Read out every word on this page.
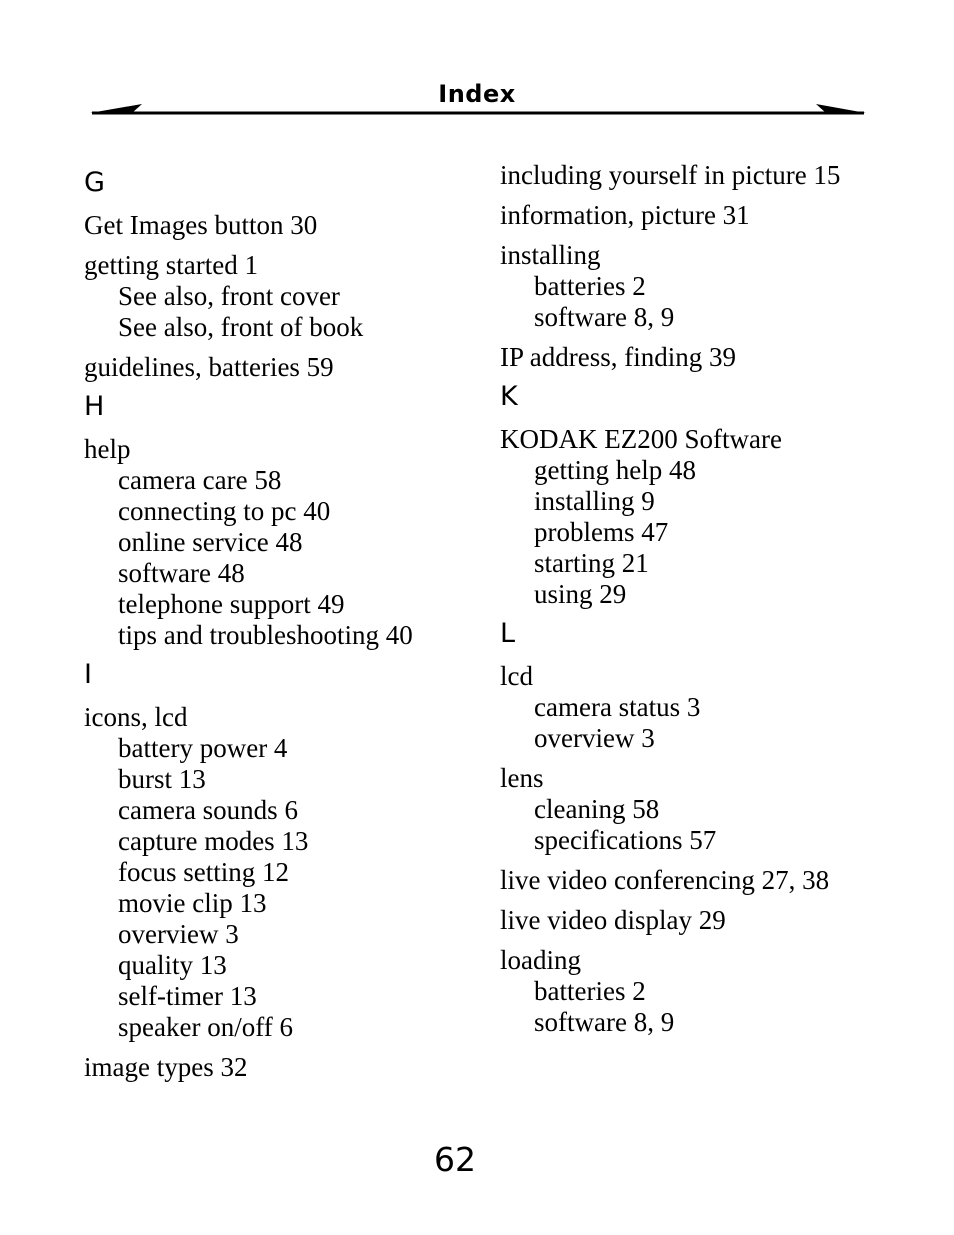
Index
G
Get Images button 30
getting started 1
See also, front cover
See also, front of book
guidelines, batteries 59
H
help
camera care 58
connecting to pc 40
online service 48
software 48
telephone support 49
tips and troubleshooting 40
I
icons, lcd
battery power 4
burst 13
camera sounds 6
capture modes 13
focus setting 12
movie clip 13
overview 3
quality 13
self-timer 13
speaker on/off 6
image types 32
including yourself in picture 15
information, picture 31
installing
batteries 2
software 8, 9
IP address, finding 39
K
KODAK EZ200 Software
getting help 48
installing 9
problems 47
starting 21
using 29
L
lcd
camera status 3
overview 3
lens
cleaning 58
specifications 57
live video conferencing 27, 38
live video display 29
loading
batteries 2
software 8, 9
62
